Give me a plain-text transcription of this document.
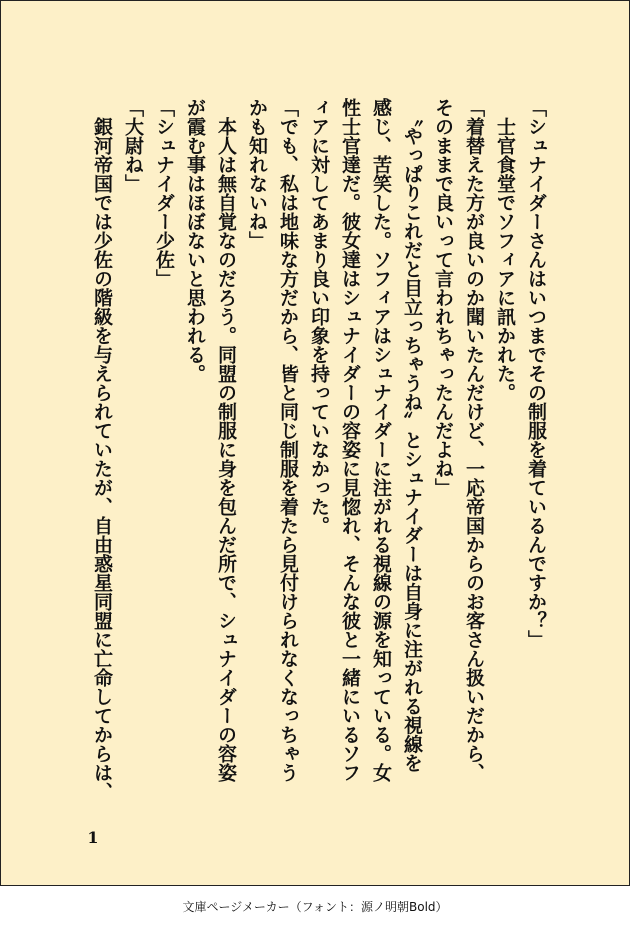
「シュナイダーさんはいつまでその制服を着ているんですか？」
　士官食堂でソフィアに訊かれた。
「着替えた方が良いのか聞いたんだけど、一応帝国からのお客さん扱いだから、
そのままで良いって言われちゃったんだよね」
　〝やっぱりこれだと目立っちゃうね〟とシュナイダーは自身に注がれる視線を
感じ、苦笑した。ソフィアはシュナイダーに注がれる視線の源を知っている。女
性士官達だ。彼女達はシュナイダーの容姿に見惚れ、そんな彼と一緒にいるソフ
ィアに対してあまり良い印象を持っていなかった。
「でも、私は地味な方だから、皆と同じ制服を着たら見付けられなくなっちゃう
かも知れないね」
　本人は無自覚なのだろう。同盟の制服に身を包んだ所で、シュナイダーの容姿
が霞む事はほぼないと思われる。
「シュナイダー少佐」
「大尉ね」
　銀河帝国では少佐の階級を与えられていたが、自由惑星同盟に亡命してからは、
1
文庫ページメーカー（フォント：源ノ明朝Bold）
